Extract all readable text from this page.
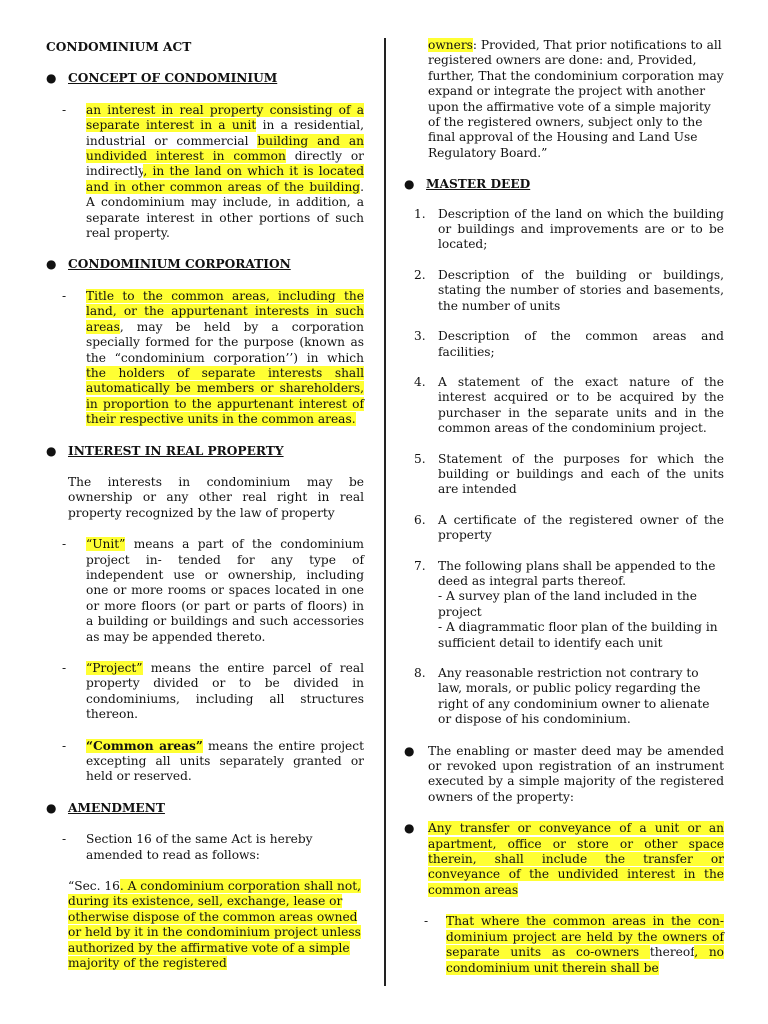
CONDOMINIUM ACT
● CONCEPT OF CONDOMINIUM
- an interest in real property consisting of a separate interest in a unit in a residential, industrial or commercial building and an undivided interest in common directly or indirectly, in the land on which it is located and in other common areas of the building. A condominium may include, in addition, a separate interest in other portions of such real property.
● CONDOMINIUM CORPORATION
- Title to the common areas, including the land, or the appurtenant interests in such areas, may be held by a corporation specially formed for the purpose (known as the “condominium corporation’’) in which the holders of separate interests shall automatically be members or shareholders, in proportion to the appurtenant interest of their respective units in the common areas.
● INTEREST IN REAL PROPERTY
The interests in condominium may be ownership or any other real right in real property recognized by the law of property
- “Unit” means a part of the condominium project in- tended for any type of independent use or ownership, including one or more rooms or spaces located in one or more floors (or part or parts of floors) in a building or buildings and such accessories as may be appended thereto.
- “Project” means the entire parcel of real property divided or to be divided in condominiums, including all structures thereon.
- “Common areas” means the entire project excepting all units separately granted or held or reserved.
● AMENDMENT
- Section 16 of the same Act is hereby amended to read as follows:
“Sec. 16. A condominium corporation shall not, during its existence, sell, exchange, lease or otherwise dispose of the common areas owned or held by it in the condominium project unless authorized by the affirmative vote of a simple majority of the registered
owners: Provided, That prior notifications to all registered owners are done: and, Provided, further, That the condominium corporation may expand or integrate the project with another upon the affirmative vote of a simple majority of the registered owners, subject only to the final approval of the Housing and Land Use Regulatory Board.”
● MASTER DEED
1. Description of the land on which the building or buildings and improvements are or to be located;
2. Description of the building or buildings, stating the number of stories and basements, the number of units
3. Description of the common areas and facilities;
4. A statement of the exact nature of the interest acquired or to be acquired by the purchaser in the separate units and in the common areas of the condominium project.
5. Statement of the purposes for which the building or buildings and each of the units are intended
6. A certificate of the registered owner of the property
7. The following plans shall be appended to the deed as integral parts thereof.
- A survey plan of the land included in the project
- A diagrammatic floor plan of the building in sufficient detail to identify each unit
8. Any reasonable restriction not contrary to law, morals, or public policy regarding the right of any condominium owner to alienate or dispose of his condominium.
● The enabling or master deed may be amended or revoked upon registration of an instrument executed by a simple majority of the registered owners of the property:
● Any transfer or conveyance of a unit or an apartment, office or store or other space therein, shall include the transfer or conveyance of the undivided interest in the common areas
- That where the common areas in the con- dominium project are held by the owners of separate units as co-owners thereof, no condominium unit therein shall be
